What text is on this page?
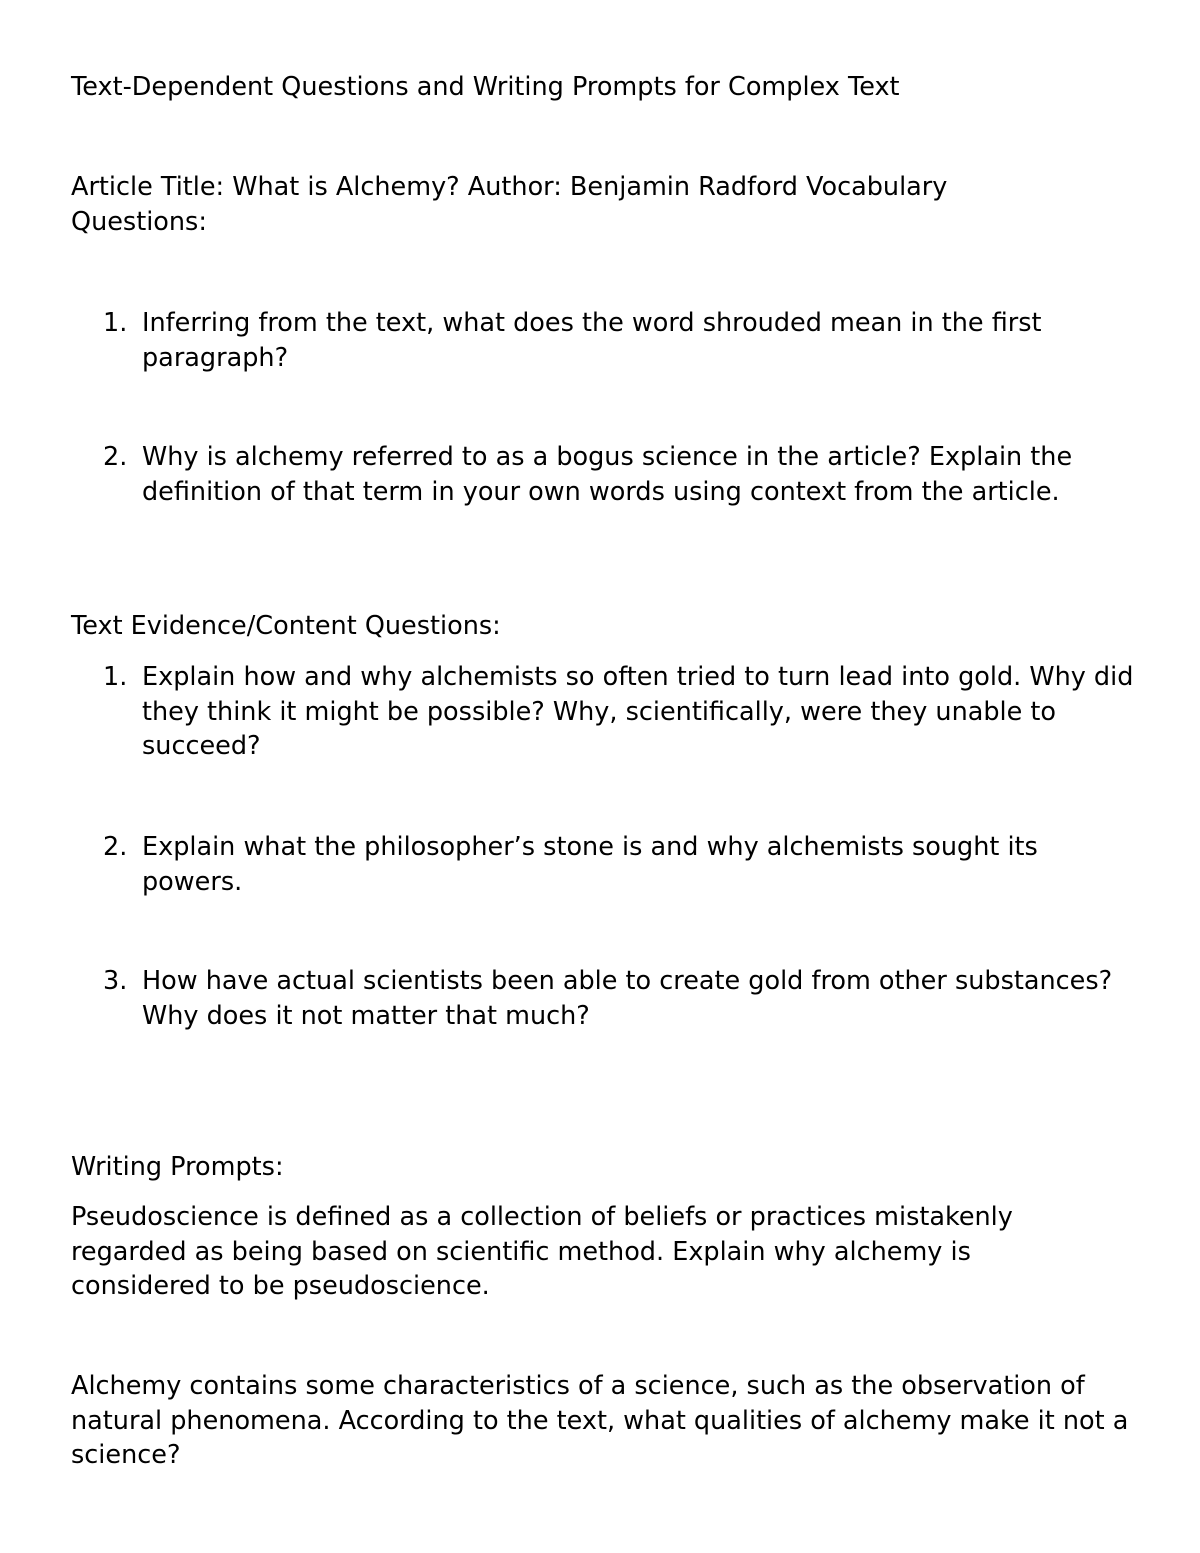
Text-Dependent Questions and Writing Prompts for Complex Text

Article Title: What is Alchemy? Author: Benjamin Radford Vocabulary Questions:

1. Inferring from the text, what does the word shrouded mean in the first paragraph?
2. Why is alchemy referred to as a bogus science in the article? Explain the definition of that term in your own words using context from the article.

Text Evidence/Content Questions:

1. Explain how and why alchemists so often tried to turn lead into gold. Why did they think it might be possible? Why, scientifically, were they unable to succeed?
2. Explain what the philosopher’s stone is and why alchemists sought its powers.
3. How have actual scientists been able to create gold from other substances? Why does it not matter that much?

Writing Prompts:

Pseudoscience is defined as a collection of beliefs or practices mistakenly regarded as being based on scientific method. Explain why alchemy is considered to be pseudoscience.

Alchemy contains some characteristics of a science, such as the observation of natural phenomena. According to the text, what qualities of alchemy make it not a science?
